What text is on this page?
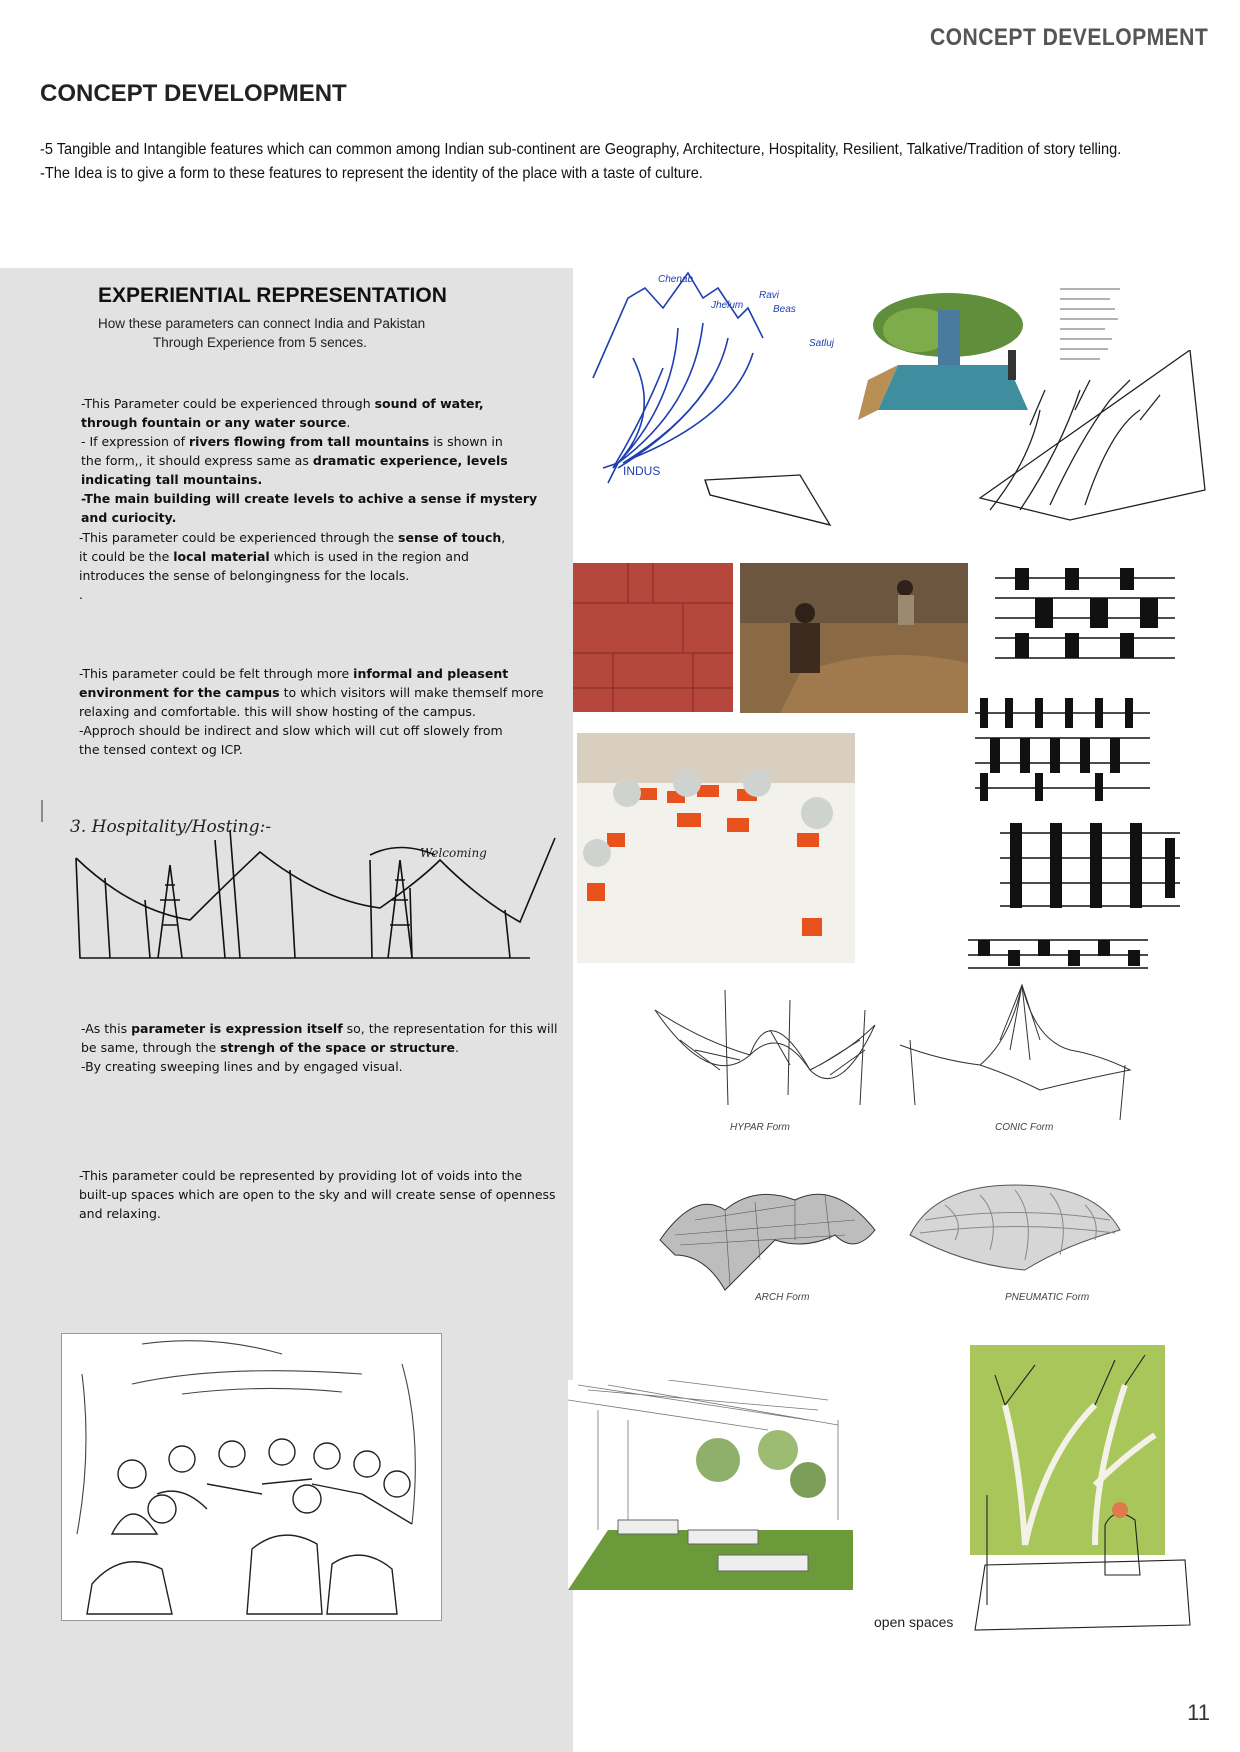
CONCEPT DEVELOPMENT
CONCEPT DEVELOPMENT
-5 Tangible and Intangible features which can common among Indian sub-continent are Geography, Architecture, Hospitality, Resilient, Talkative/Tradition of story telling.
-The Idea is to give a form to these features to represent the identity of the place with a taste of culture.
EXPERIENTIAL REPRESENTATION
How these parameters can connect India and Pakistan
Through Experience from 5 sences.
-This Parameter could be experienced through sound of water,
through fountain or any water source.
- If expression of rivers flowing from tall mountains is shown in
the form,, it should express same as dramatic experience, levels
indicating tall mountains.
-The main building will create levels to achive a sense if mystery
and curiocity.
-This parameter could be experienced through the sense of touch,
it could be the local material which is used in the region and
introduces the sense of belongingness for the locals.
.
-This parameter could be felt through more informal and pleasent
environment for the campus to which visitors will make themself more
relaxing and comfortable. this will show hosting of the campus.
-Approch should be indirect and slow which will cut off slowely from
the tensed context og ICP.
3. Hospitality/Hosting:-
Welcoming
-As this parameter is expression itself so, the representation for this will
be same, through the strengh of the space or structure.
-By creating sweeping lines and by engaged visual.
-This parameter could be represented by providing lot of voids into the
built-up spaces which are open to the sky and will create sense of openness
and relaxing.
Chenab
Jhelum
Ravi
Beas
Satluj
INDUS
HYPAR Form	CONIC Form
ARCH Form	PNEUMATIC Form
open spaces
11
